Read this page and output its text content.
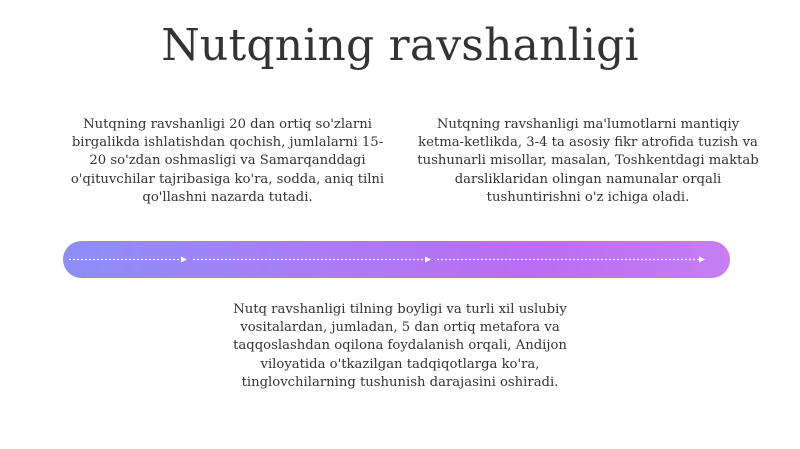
Nutqning ravshanligi
Nutqning ravshanligi 20 dan ortiq so'zlarni birgalikda ishlatishdan qochish, jumlalarni 15-20 so'zdan oshmasligi va Samarqanddagi o'qituvchilar tajribasiga ko'ra, sodda, aniq tilni qo'llashni nazarda tutadi.
Nutqning ravshanligi ma'lumotlarni mantiqiy ketma-ketlikda, 3-4 ta asosiy fikr atrofida tuzish va tushunarli misollar, masalan, Toshkentdagi maktab darsliklaridan olingan namunalar orqali tushuntirishni o'z ichiga oladi.
Nutq ravshanligi tilning boyligi va turli xil uslubiy vositalardan, jumladan, 5 dan ortiq metafora va taqqoslashdan oqilona foydalanish orqali, Andijon viloyatida o'tkazilgan tadqiqotlarga ko'ra, tinglovchilarning tushunish darajasini oshiradi.
